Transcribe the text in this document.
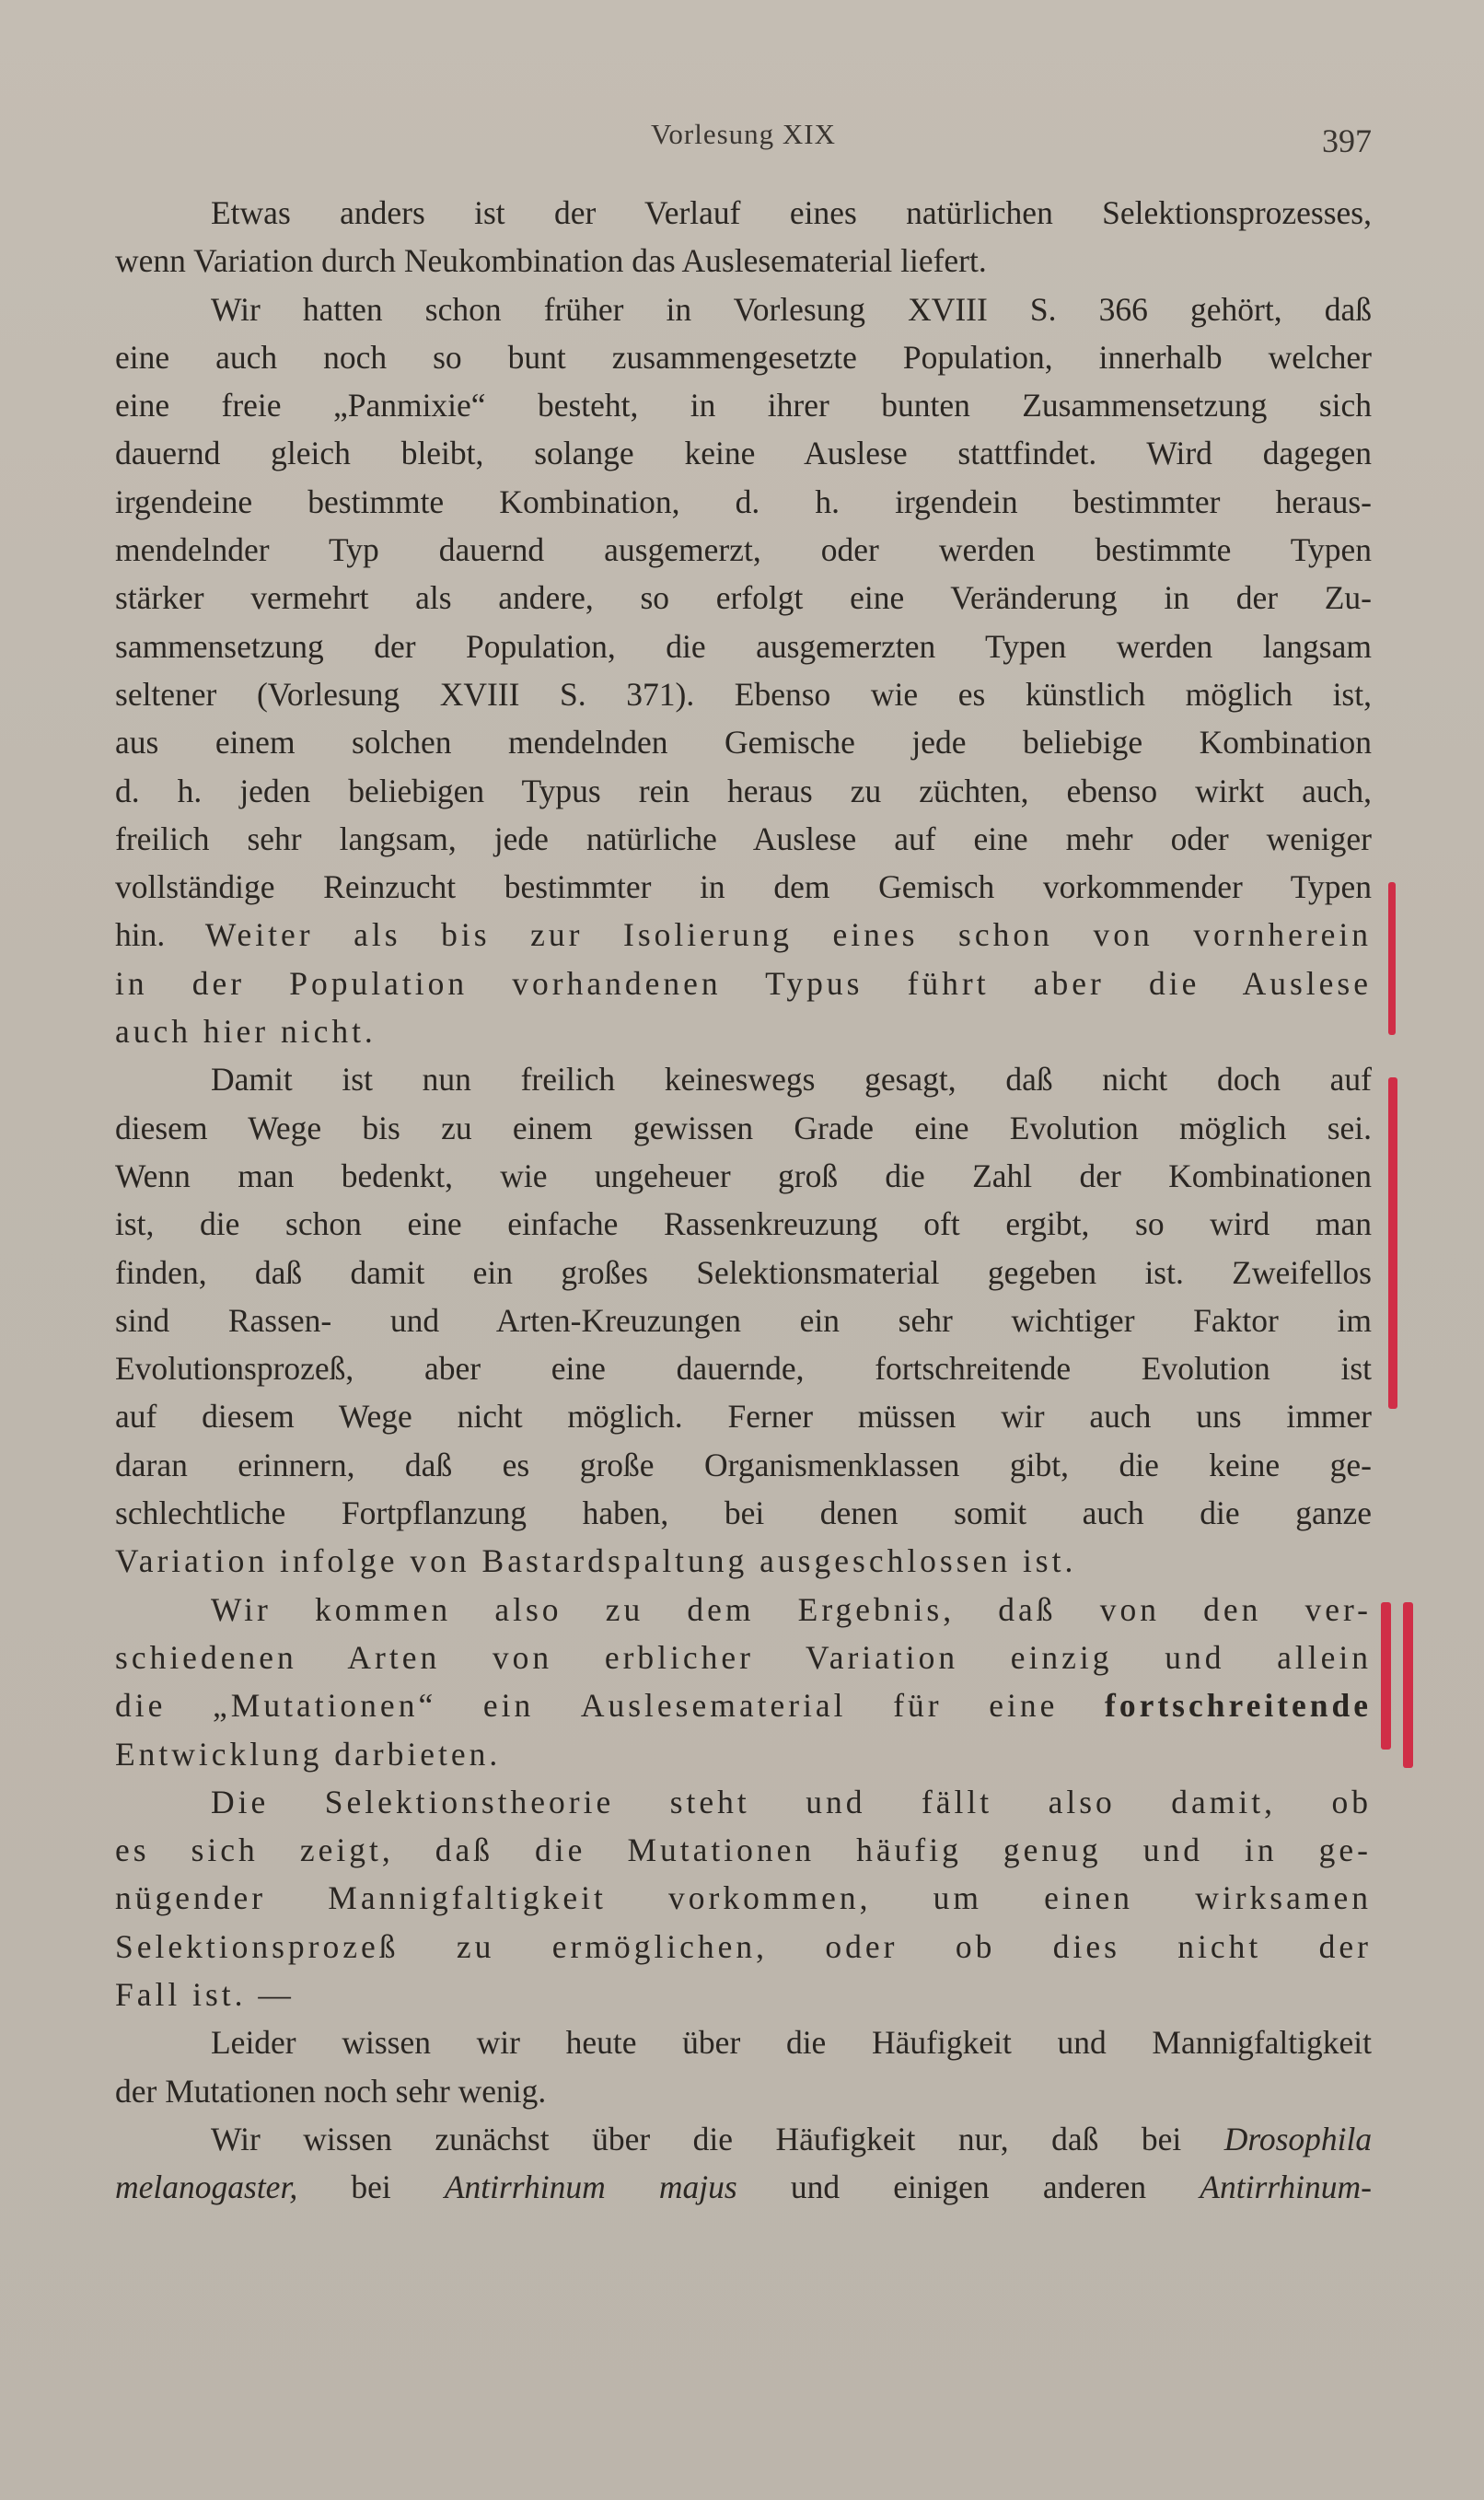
Vorlesung XIX	397
Etwas anders ist der Verlauf eines natürlichen Selektionsprozesses,
wenn Variation durch Neukombination das Auslesematerial liefert.
Wir hatten schon früher in Vorlesung XVIII S. 366 gehört, daß
eine auch noch so bunt zusammengesetzte Population, innerhalb welcher
eine freie „Panmixie“ besteht, in ihrer bunten Zusammensetzung sich
dauernd gleich bleibt, solange keine Auslese stattfindet. Wird dagegen
irgendeine bestimmte Kombination, d. h. irgendein bestimmter heraus-
mendelnder Typ dauernd ausgemerzt, oder werden bestimmte Typen
stärker vermehrt als andere, so erfolgt eine Veränderung in der Zu-
sammensetzung der Population, die ausgemerzten Typen werden langsam
seltener (Vorlesung XVIII S. 371). Ebenso wie es künstlich möglich ist,
aus einem solchen mendelnden Gemische jede beliebige Kombination
d. h. jeden beliebigen Typus rein heraus zu züchten, ebenso wirkt auch,
freilich sehr langsam, jede natürliche Auslese auf eine mehr oder weniger
vollständige Reinzucht bestimmter in dem Gemisch vorkommender Typen
hin. Weiter als bis zur Isolierung eines schon von vornherein
in der Population vorhandenen Typus führt aber die Auslese
auch hier nicht.
Damit ist nun freilich keineswegs gesagt, daß nicht doch auf
diesem Wege bis zu einem gewissen Grade eine Evolution möglich sei.
Wenn man bedenkt, wie ungeheuer groß die Zahl der Kombinationen
ist, die schon eine einfache Rassenkreuzung oft ergibt, so wird man
finden, daß damit ein großes Selektionsmaterial gegeben ist. Zweifellos
sind Rassen- und Arten-Kreuzungen ein sehr wichtiger Faktor im
Evolutionsprozeß, aber eine dauernde, fortschreitende Evolution ist
auf diesem Wege nicht möglich. Ferner müssen wir auch uns immer
daran erinnern, daß es große Organismenklassen gibt, die keine ge-
schlechtliche Fortpflanzung haben, bei denen somit auch die ganze
Variation infolge von Bastardspaltung ausgeschlossen ist.
Wir kommen also zu dem Ergebnis, daß von den ver-
schiedenen Arten von erblicher Variation einzig und allein
die „Mutationen“ ein Auslesematerial für eine fortschreitende
Entwicklung darbieten.
Die Selektionstheorie steht und fällt also damit, ob
es sich zeigt, daß die Mutationen häufig genug und in ge-
nügender Mannigfaltigkeit vorkommen, um einen wirksamen
Selektionsprozeß zu ermöglichen, oder ob dies nicht der
Fall ist. —
Leider wissen wir heute über die Häufigkeit und Mannigfaltigkeit
der Mutationen noch sehr wenig.
Wir wissen zunächst über die Häufigkeit nur, daß bei Drosophila
melanogaster, bei Antirrhinum majus und einigen anderen Antirrhinum-
